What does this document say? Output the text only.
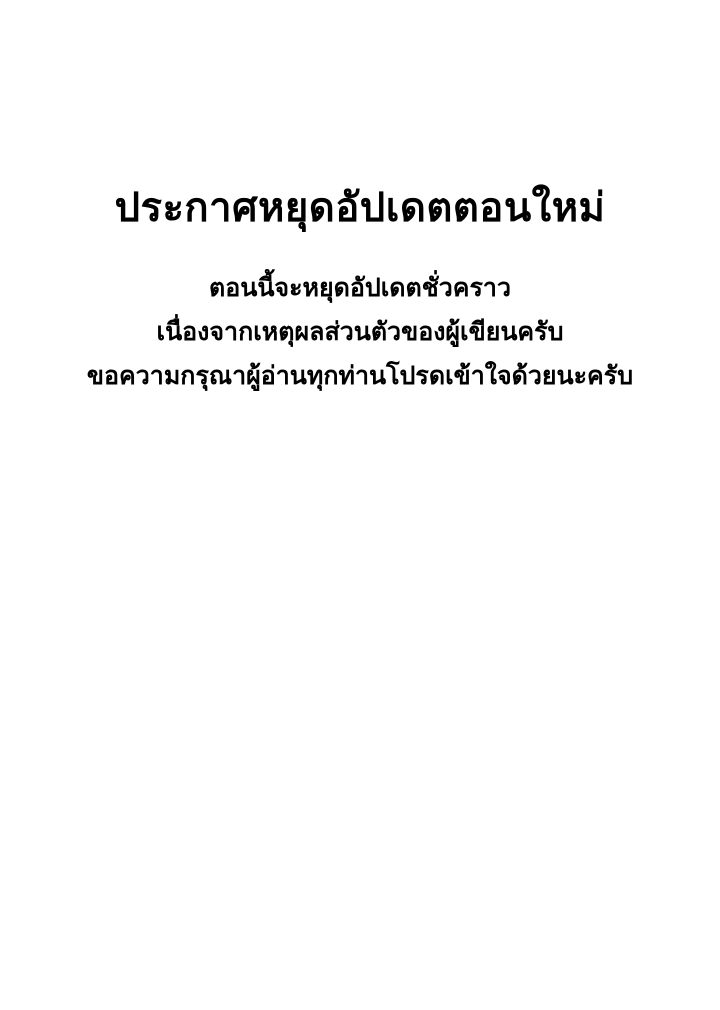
ประกาศหยุดอัปเดตตอนใหม่

ตอนนี้จะหยุดอัปเดตชั่วคราว

เนื่องจากเหตุผลส่วนตัวของผู้เขียนครับ

ขอความกรุณาผู้อ่านทุกท่านโปรดเข้าใจด้วยนะครับ
